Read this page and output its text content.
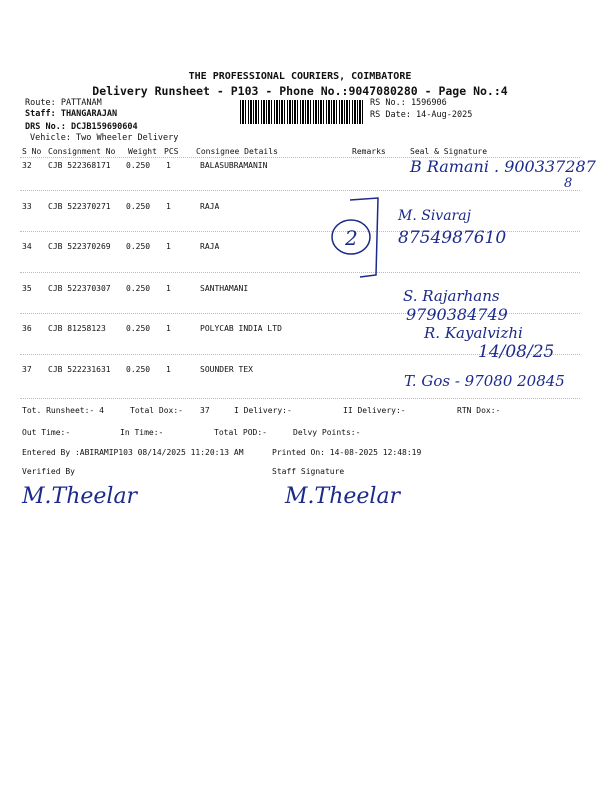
THE PROFESSIONAL COURIERS, COIMBATORE
Delivery Runsheet - P103 - Phone No.:9047080280 - Page No.:4
Route: PATTANAM
Staff: THANGARAJAN
DRS No.: DCJB159690604
Vehicle: Two Wheeler Delivery
RS No.: 1596906
RS Date: 14-Aug-2025
S No Consignment No Weight PCS Consignee Details	Remarks	Seal & Signature
32 CJB 522368171 0.250 1	BALASUBRAMANIN
33 CJB 522370271 0.250 1	RAJA
34 CJB 522370269 0.250 1	RAJA
35 CJB 522370307 0.250 1	SANTHAMANI
36 CJB 81258123	0.250 1	POLYCAB INDIA LTD
37 CJB 522231631 0.250 1	SOUNDER TEX
B Ramani . 900337287
8
2
M. Sivaraj
8754987610
S. Rajarhans
9790384749
R. Kayalvizhi
14/08/25
T. Gos - 97080 20845
Tot. Runsheet:- 4	Total Dox:- 37	I Delivery:-	II Delivery:-	RTN Dox:-
Out Time:-	In Time:-	Total POD:-	Delvy Points:-
Entered By :ABIRAMIP103 08/14/2025 11:20:13 AM	Printed On: 14-08-2025 12:48:19
Verified By	Staff Signature
M.Theelar	M.Theelar
